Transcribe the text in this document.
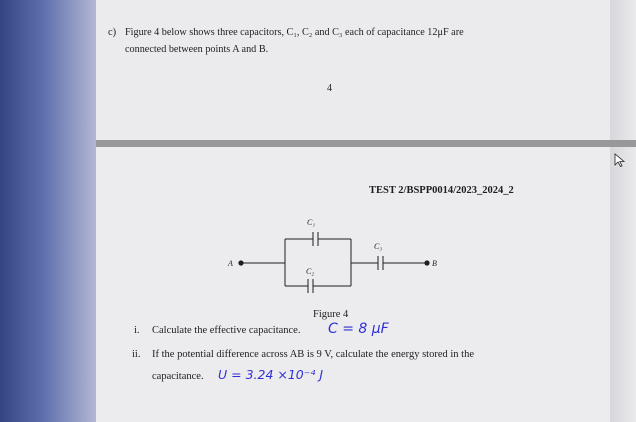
c) Figure 4 below shows three capacitors, C₁, C₂ and C₃ each of capacitance 12μF are
connected between points A and B.
4
TEST 2/BSPP0014/2023_2024_2
A	B
C₁
C₂
C₃
Figure 4
i. Calculate the effective capacitance. C = 8 μF
ii. If the potential difference across AB is 9 V, calculate the energy stored in the
capacitance. U = 3.24 ×10⁻⁴ J
